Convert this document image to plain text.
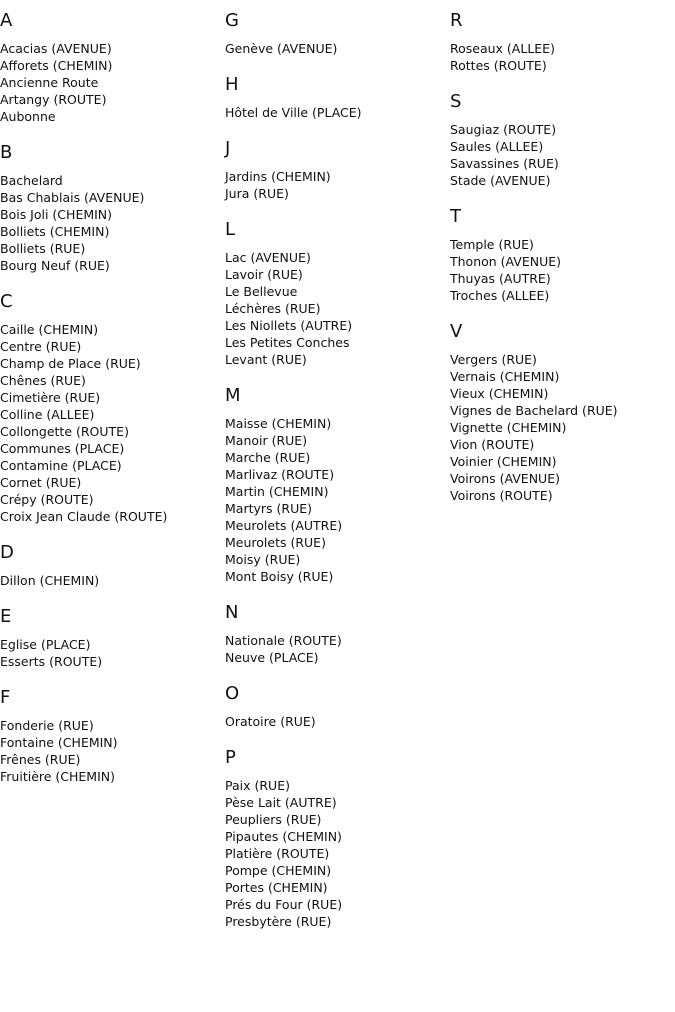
A
Acacias (AVENUE)
Afforets (CHEMIN)
Ancienne Route
Artangy (ROUTE)
Aubonne
B
Bachelard
Bas Chablais (AVENUE)
Bois Joli (CHEMIN)
Bolliets (CHEMIN)
Bolliets (RUE)
Bourg Neuf (RUE)
C
Caille (CHEMIN)
Centre (RUE)
Champ de Place (RUE)
Chênes (RUE)
Cimetière (RUE)
Colline (ALLEE)
Collongette (ROUTE)
Communes (PLACE)
Contamine (PLACE)
Cornet (RUE)
Crépy (ROUTE)
Croix Jean Claude (ROUTE)
D
Dillon (CHEMIN)
E
Eglise (PLACE)
Esserts (ROUTE)
F
Fonderie (RUE)
Fontaine (CHEMIN)
Frênes (RUE)
Fruitière (CHEMIN)
G
Genève (AVENUE)
H
Hôtel de Ville (PLACE)
J
Jardins (CHEMIN)
Jura (RUE)
L
Lac (AVENUE)
Lavoir (RUE)
Le Bellevue
Léchères (RUE)
Les Niollets (AUTRE)
Les Petites Conches
Levant (RUE)
M
Maisse (CHEMIN)
Manoir (RUE)
Marche (RUE)
Marlivaz (ROUTE)
Martin (CHEMIN)
Martyrs (RUE)
Meurolets (AUTRE)
Meurolets (RUE)
Moisy (RUE)
Mont Boisy (RUE)
N
Nationale (ROUTE)
Neuve (PLACE)
O
Oratoire (RUE)
P
Paix (RUE)
Pèse Lait (AUTRE)
Peupliers (RUE)
Pipautes (CHEMIN)
Platière (ROUTE)
Pompe (CHEMIN)
Portes (CHEMIN)
Prés du Four (RUE)
Presbytère (RUE)
R
Roseaux (ALLEE)
Rottes (ROUTE)
S
Saugiaz (ROUTE)
Saules (ALLEE)
Savassines (RUE)
Stade (AVENUE)
T
Temple (RUE)
Thonon (AVENUE)
Thuyas (AUTRE)
Troches (ALLEE)
V
Vergers (RUE)
Vernais (CHEMIN)
Vieux (CHEMIN)
Vignes de Bachelard (RUE)
Vignette (CHEMIN)
Vion (ROUTE)
Voinier (CHEMIN)
Voirons (AVENUE)
Voirons (ROUTE)
